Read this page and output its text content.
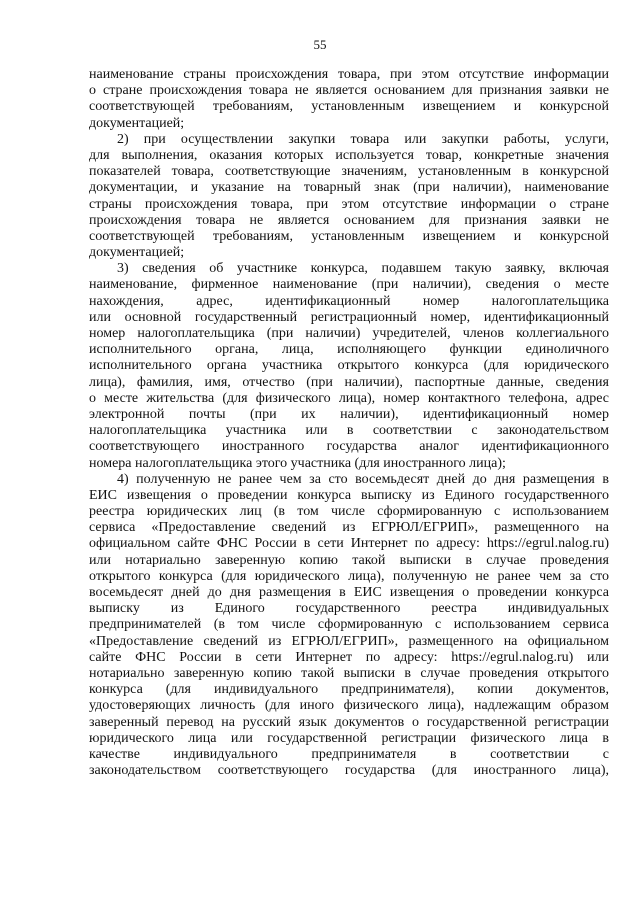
55
наименование страны происхождения товара, при этом отсутствие информации
о стране происхождения товара не является основанием для признания заявки не
соответствующей требованиям, установленным извещением и конкурсной
документацией;
2) при осуществлении закупки товара или закупки работы, услуги,
для выполнения, оказания которых используется товар, конкретные значения
показателей товара, соответствующие значениям, установленным в конкурсной
документации, и указание на товарный знак (при наличии), наименование
страны происхождения товара, при этом отсутствие информации о стране
происхождения товара не является основанием для признания заявки не
соответствующей требованиям, установленным извещением и конкурсной
документацией;
3) сведения об участнике конкурса, подавшем такую заявку, включая
наименование, фирменное наименование (при наличии), сведения о месте
нахождения, адрес, идентификационный номер налогоплательщика
или основной государственный регистрационный номер, идентификационный
номер налогоплательщика (при наличии) учредителей, членов коллегиального
исполнительного органа, лица, исполняющего функции единоличного
исполнительного органа участника открытого конкурса (для юридического
лица), фамилия, имя, отчество (при наличии), паспортные данные, сведения
о месте жительства (для физического лица), номер контактного телефона, адрес
электронной почты (при их наличии), идентификационный номер
налогоплательщика участника или в соответствии с законодательством
соответствующего иностранного государства аналог идентификационного
номера налогоплательщика этого участника (для иностранного лица);
4) полученную не ранее чем за сто восемьдесят дней до дня размещения в
ЕИС извещения о проведении конкурса выписку из Единого государственного
реестра юридических лиц (в том числе сформированную с использованием
сервиса «Предоставление сведений из ЕГРЮЛ/ЕГРИП», размещенного на
официальном сайте ФНС России в сети Интернет по адресу: https://egrul.nalog.ru)
или нотариально заверенную копию такой выписки в случае проведения
открытого конкурса (для юридического лица), полученную не ранее чем за сто
восемьдесят дней до дня размещения в ЕИС извещения о проведении конкурса
выписку из Единого государственного реестра индивидуальных
предпринимателей (в том числе сформированную с использованием сервиса
«Предоставление сведений из ЕГРЮЛ/ЕГРИП», размещенного на официальном
сайте ФНС России в сети Интернет по адресу: https://egrul.nalog.ru) или
нотариально заверенную копию такой выписки в случае проведения открытого
конкурса (для индивидуального предпринимателя), копии документов,
удостоверяющих личность (для иного физического лица), надлежащим образом
заверенный перевод на русский язык документов о государственной регистрации
юридического лица или государственной регистрации физического лица в
качестве индивидуального предпринимателя в соответствии с
законодательством соответствующего государства (для иностранного лица),
